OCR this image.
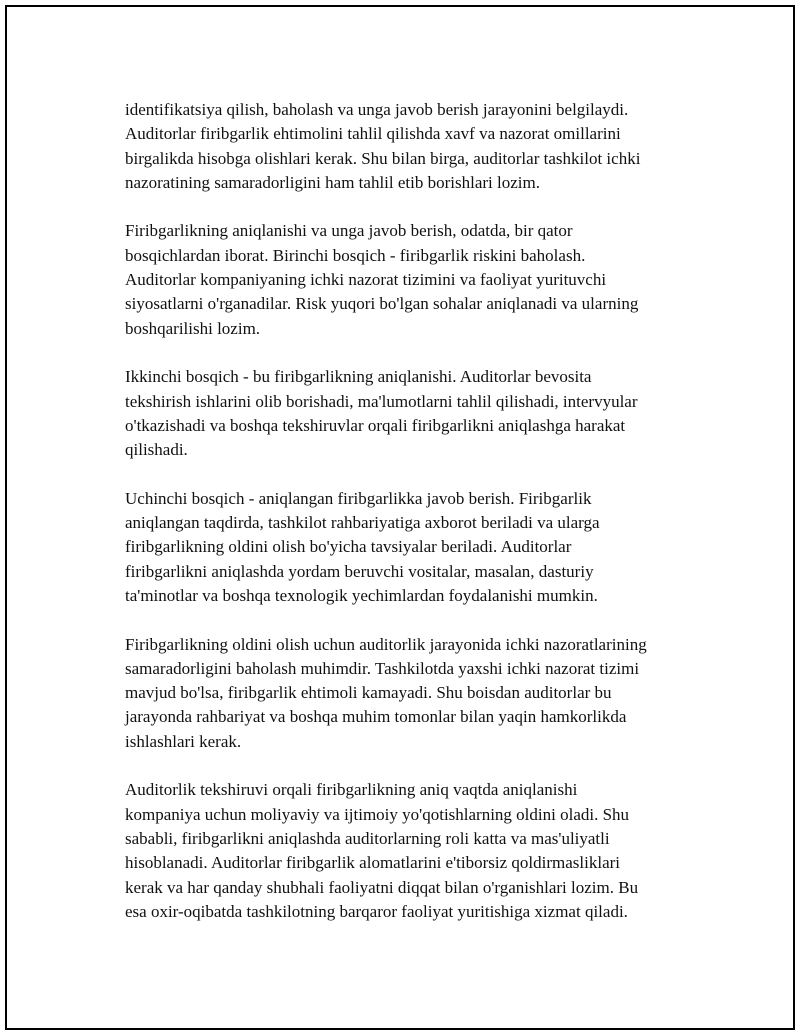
identifikatsiya qilish, baholash va unga javob berish jarayonini belgilaydi.
Auditorlar firibgarlik ehtimolini tahlil qilishda xavf va nazorat omillarini
birgalikda hisobga olishlari kerak. Shu bilan birga, auditorlar tashkilot ichki
nazoratining samaradorligini ham tahlil etib borishlari lozim.

Firibgarlikning aniqlanishi va unga javob berish, odatda, bir qator
bosqichlardan iborat. Birinchi bosqich - firibgarlik riskini baholash.
Auditorlar kompaniyaning ichki nazorat tizimini va faoliyat yurituvchi
siyosatlarni o'rganadilar. Risk yuqori bo'lgan sohalar aniqlanadi va ularning
boshqarilishi lozim.

Ikkinchi bosqich - bu firibgarlikning aniqlanishi. Auditorlar bevosita
tekshirish ishlarini olib borishadi, ma'lumotlarni tahlil qilishadi, intervyular
o'tkazishadi va boshqa tekshiruvlar orqali firibgarlikni aniqlashga harakat
qilishadi.

Uchinchi bosqich - aniqlangan firibgarlikka javob berish. Firibgarlik
aniqlangan taqdirda, tashkilot rahbariyatiga axborot beriladi va ularga
firibgarlikning oldini olish bo'yicha tavsiyalar beriladi. Auditorlar
firibgarlikni aniqlashda yordam beruvchi vositalar, masalan, dasturiy
ta'minotlar va boshqa texnologik yechimlardan foydalanishi mumkin.

Firibgarlikning oldini olish uchun auditorlik jarayonida ichki nazoratlarining
samaradorligini baholash muhimdir. Tashkilotda yaxshi ichki nazorat tizimi
mavjud bo'lsa, firibgarlik ehtimoli kamayadi. Shu boisdan auditorlar bu
jarayonda rahbariyat va boshqa muhim tomonlar bilan yaqin hamkorlikda
ishlashlari kerak.

Auditorlik tekshiruvi orqali firibgarlikning aniq vaqtda aniqlanishi
kompaniya uchun moliyaviy va ijtimoiy yo'qotishlarning oldini oladi. Shu
sababli, firibgarlikni aniqlashda auditorlarning roli katta va mas'uliyatli
hisoblanadi. Auditorlar firibgarlik alomatlarini e'tiborsiz qoldirmasliklari
kerak va har qanday shubhali faoliyatni diqqat bilan o'rganishlari lozim. Bu
esa oxir-oqibatda tashkilotning barqaror faoliyat yuritishiga xizmat qiladi.
